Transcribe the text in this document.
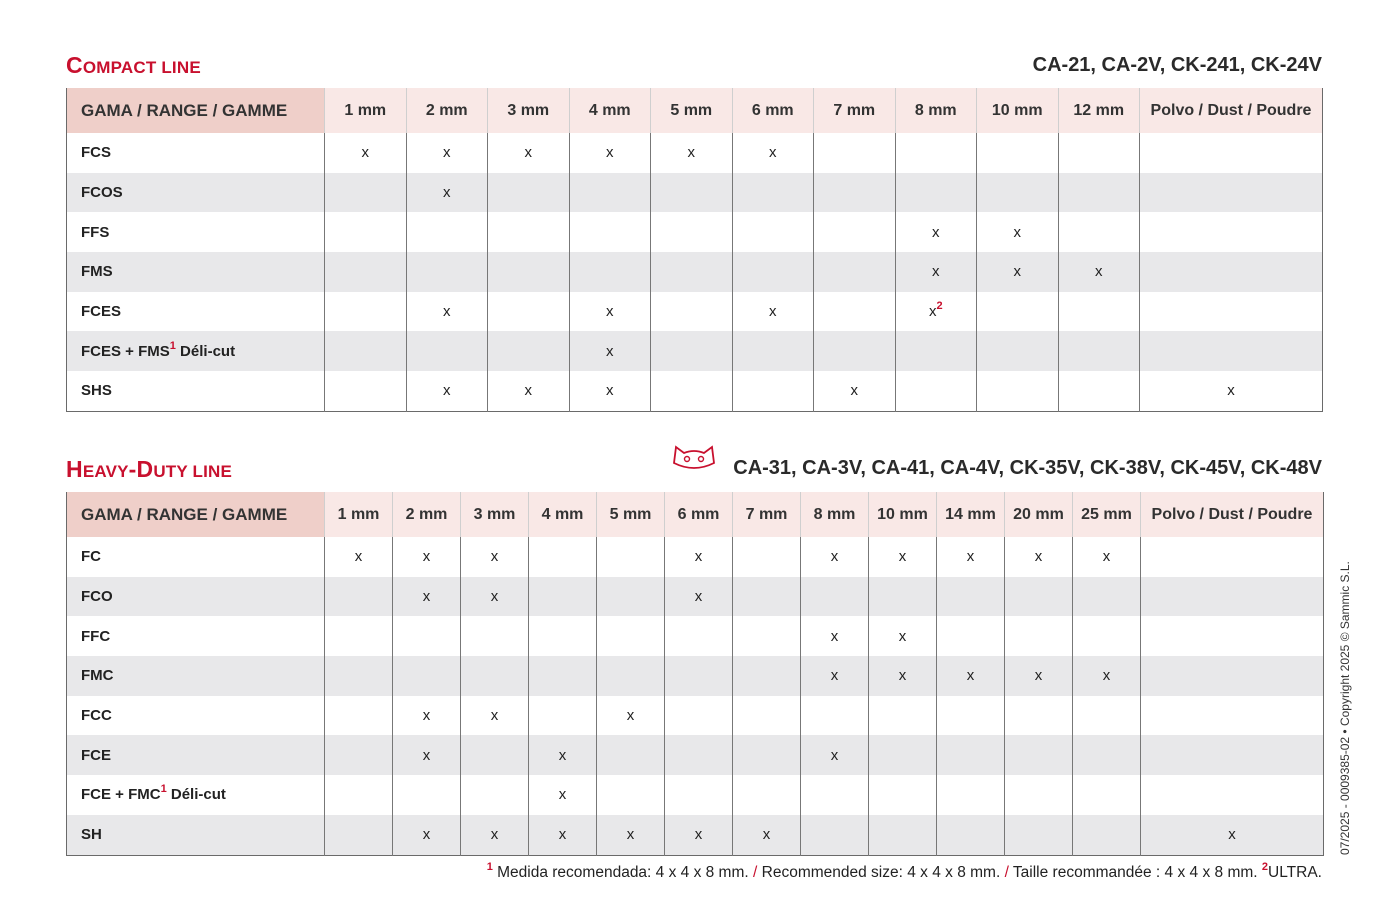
COMPACT LINE	CA-21, CA-2V, CK-241, CK-24V
GAMA / RANGE / GAMME	1 mm	2 mm	3 mm	4 mm	5 mm	6 mm	7 mm	8 mm	10 mm	12 mm	Polvo / Dust / Poudre
FCS	x	x	x	x	x	x					
FCOS		x									
FFS								x	x		
FMS								x	x	x	
FCES		x		x		x		$x^2$			
FCES + $FMS^1$ Déli-cut				x							
SHS		x	x	x			x				x
HEAVY-DUTY LINE	CA-31, CA-3V, CA-41, CA-4V, CK-35V, CK-38V, CK-45V, CK-48V
GAMA / RANGE / GAMME	1 mm	2 mm	3 mm	4 mm	5 mm	6 mm	7 mm	8 mm	10 mm	14 mm	20 mm	25 mm	Polvo / Dust / Poudre
FC	x	x	x			x		x	x	x	x	x	
FCO		x	x			x							
FFC								x	x				
FMC								x	x	x	x	x	
FCC		x	x		x								
FCE		x		x				x					
FCE + $FMC^1$ Déli-cut				x									
SH		x	x	x	x	x	x						x
$^1$ Medida recomendada: 4 x 4 x 8 mm. / Recommended size: 4 x 4 x 8 mm. / Taille recommandée : 4 x 4 x 8 mm. $^2$ULTRA.
07/2025 - 0009385-02 • Copyright 2025 © Sammic S.L.
